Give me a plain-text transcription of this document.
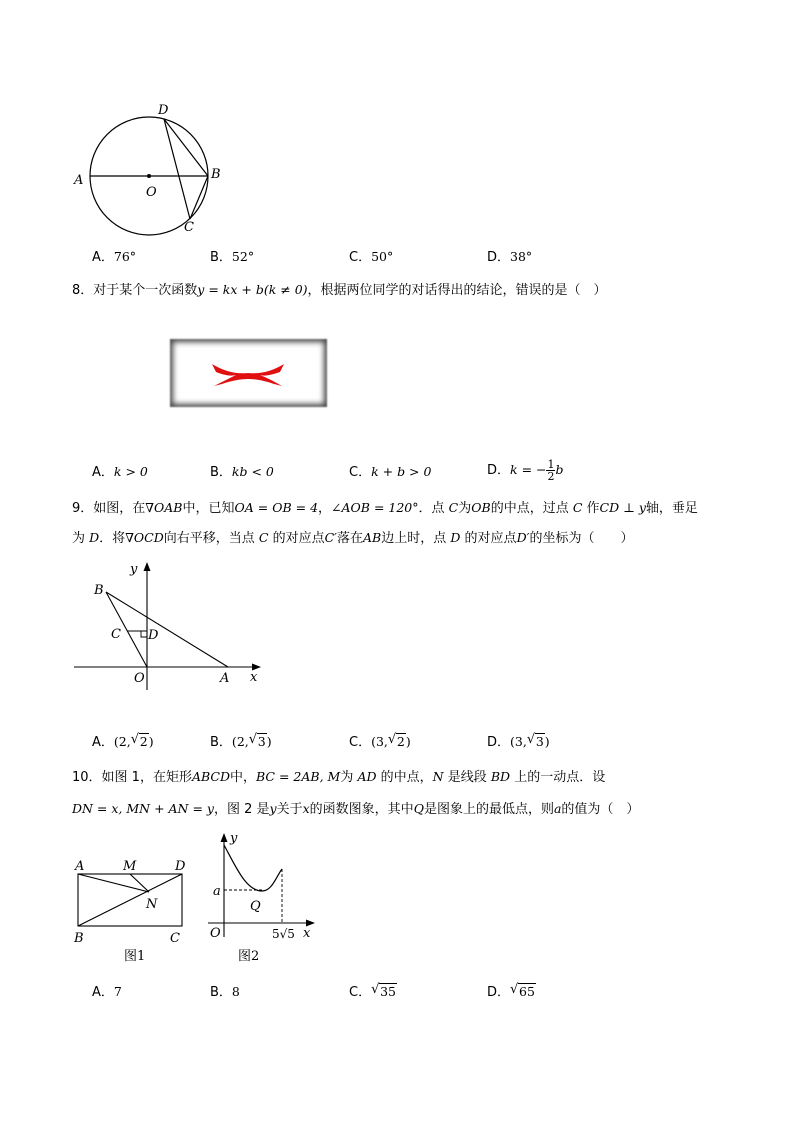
D
A
O
B
C
A．76°	B．52°	C．50°	D．38°
8．对于某个一次函数y = kx + b(k ≠ 0)，根据两位同学的对话得出的结论，错误的是（　）
A．k > 0	B．kb < 0	C．k + b > 0	D．k = − $\frac{1}{2}$ b
9．如图，在∇OAB中，已知OA = OB = 4，∠AOB = 120°．点 C为OB的中点，过点 C 作CD ⊥ y轴，垂足
为 D．将∇OCD向右平移，当点 C 的对应点C′落在AB边上时，点 D 的对应点D′的坐标为（　　）
y
x
B
C D
O	A
A．(2, √ 2)	B．(2, √ 3)	C．(3, √ 2)	D．(3, √ 3)
10．如图 1，在矩形ABCD中，BC = 2AB, M为 AD 的中点，N 是线段 BD 上的一动点．设
DN = x, MN + AN = y，图 2 是y关于x的函数图象，其中Q是图象上的最低点，则a的值为（　）
A	M	D
N
B	C
图1
y
a
Q
O	5√5 x
图2
A．7	B．8	C． √ 35	D． √ 65
